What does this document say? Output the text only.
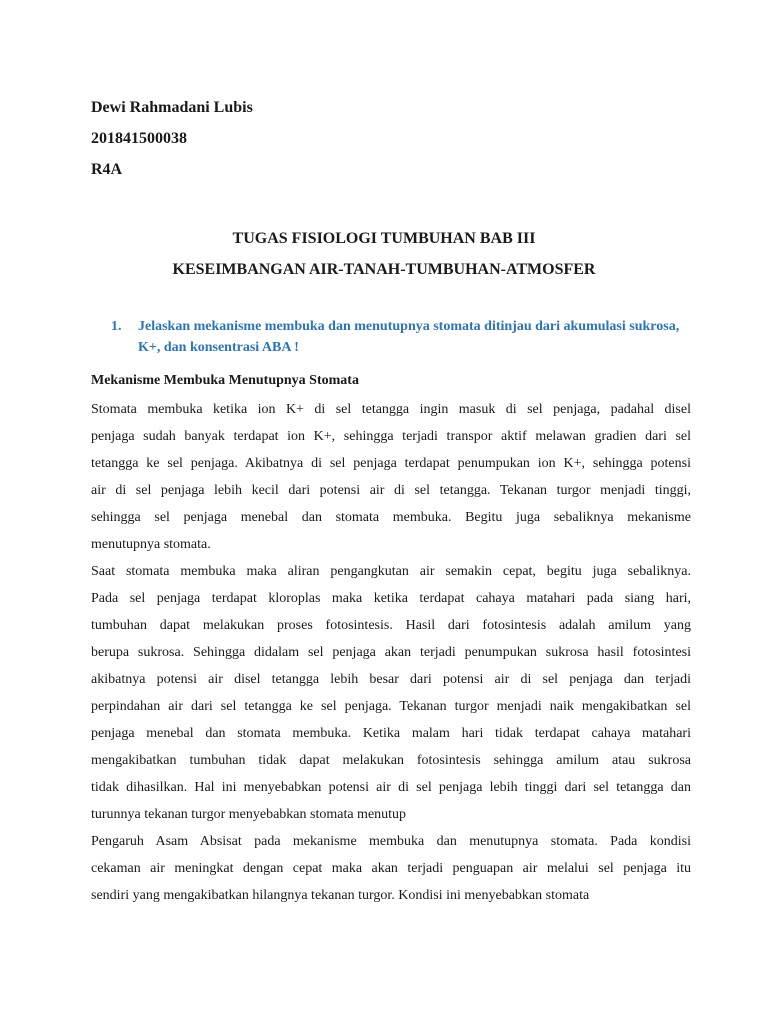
Dewi Rahmadani Lubis
201841500038
R4A
TUGAS FISIOLOGI TUMBUHAN BAB III
KESEIMBANGAN AIR-TANAH-TUMBUHAN-ATMOSFER
1. Jelaskan mekanisme membuka dan menutupnya stomata ditinjau dari akumulasi sukrosa, K+, dan konsentrasi ABA !
Mekanisme Membuka Menutupnya Stomata
Stomata membuka ketika ion K+ di sel tetangga ingin masuk di sel penjaga, padahal disel
penjaga sudah banyak terdapat ion K+, sehingga terjadi transpor aktif melawan gradien dari sel
tetangga ke sel penjaga. Akibatnya di sel penjaga terdapat penumpukan ion K+, sehingga potensi
air di sel penjaga lebih kecil dari potensi air di sel tetangga. Tekanan turgor menjadi tinggi,
sehingga sel penjaga menebal dan stomata membuka. Begitu juga sebaliknya mekanisme
menutupnya stomata.
Saat stomata membuka maka aliran pengangkutan air semakin cepat, begitu juga sebaliknya.
Pada sel penjaga terdapat kloroplas maka ketika terdapat cahaya matahari pada siang hari,
tumbuhan dapat melakukan proses fotosintesis. Hasil dari fotosintesis adalah amilum yang
berupa sukrosa. Sehingga didalam sel penjaga akan terjadi penumpukan sukrosa hasil fotosintesi
akibatnya potensi air disel tetangga lebih besar dari potensi air di sel penjaga dan terjadi
perpindahan air dari sel tetangga ke sel penjaga. Tekanan turgor menjadi naik mengakibatkan sel
penjaga menebal dan stomata membuka. Ketika malam hari tidak terdapat cahaya matahari
mengakibatkan tumbuhan tidak dapat melakukan fotosintesis sehingga amilum atau sukrosa
tidak dihasilkan. Hal ini menyebabkan potensi air di sel penjaga lebih tinggi dari sel tetangga dan
turunnya tekanan turgor menyebabkan stomata menutup
Pengaruh Asam Absisat pada mekanisme membuka dan menutupnya stomata. Pada kondisi
cekaman air meningkat dengan cepat maka akan terjadi penguapan air melalui sel penjaga itu
sendiri yang mengakibatkan hilangnya tekanan turgor. Kondisi ini menyebabkan stomata
